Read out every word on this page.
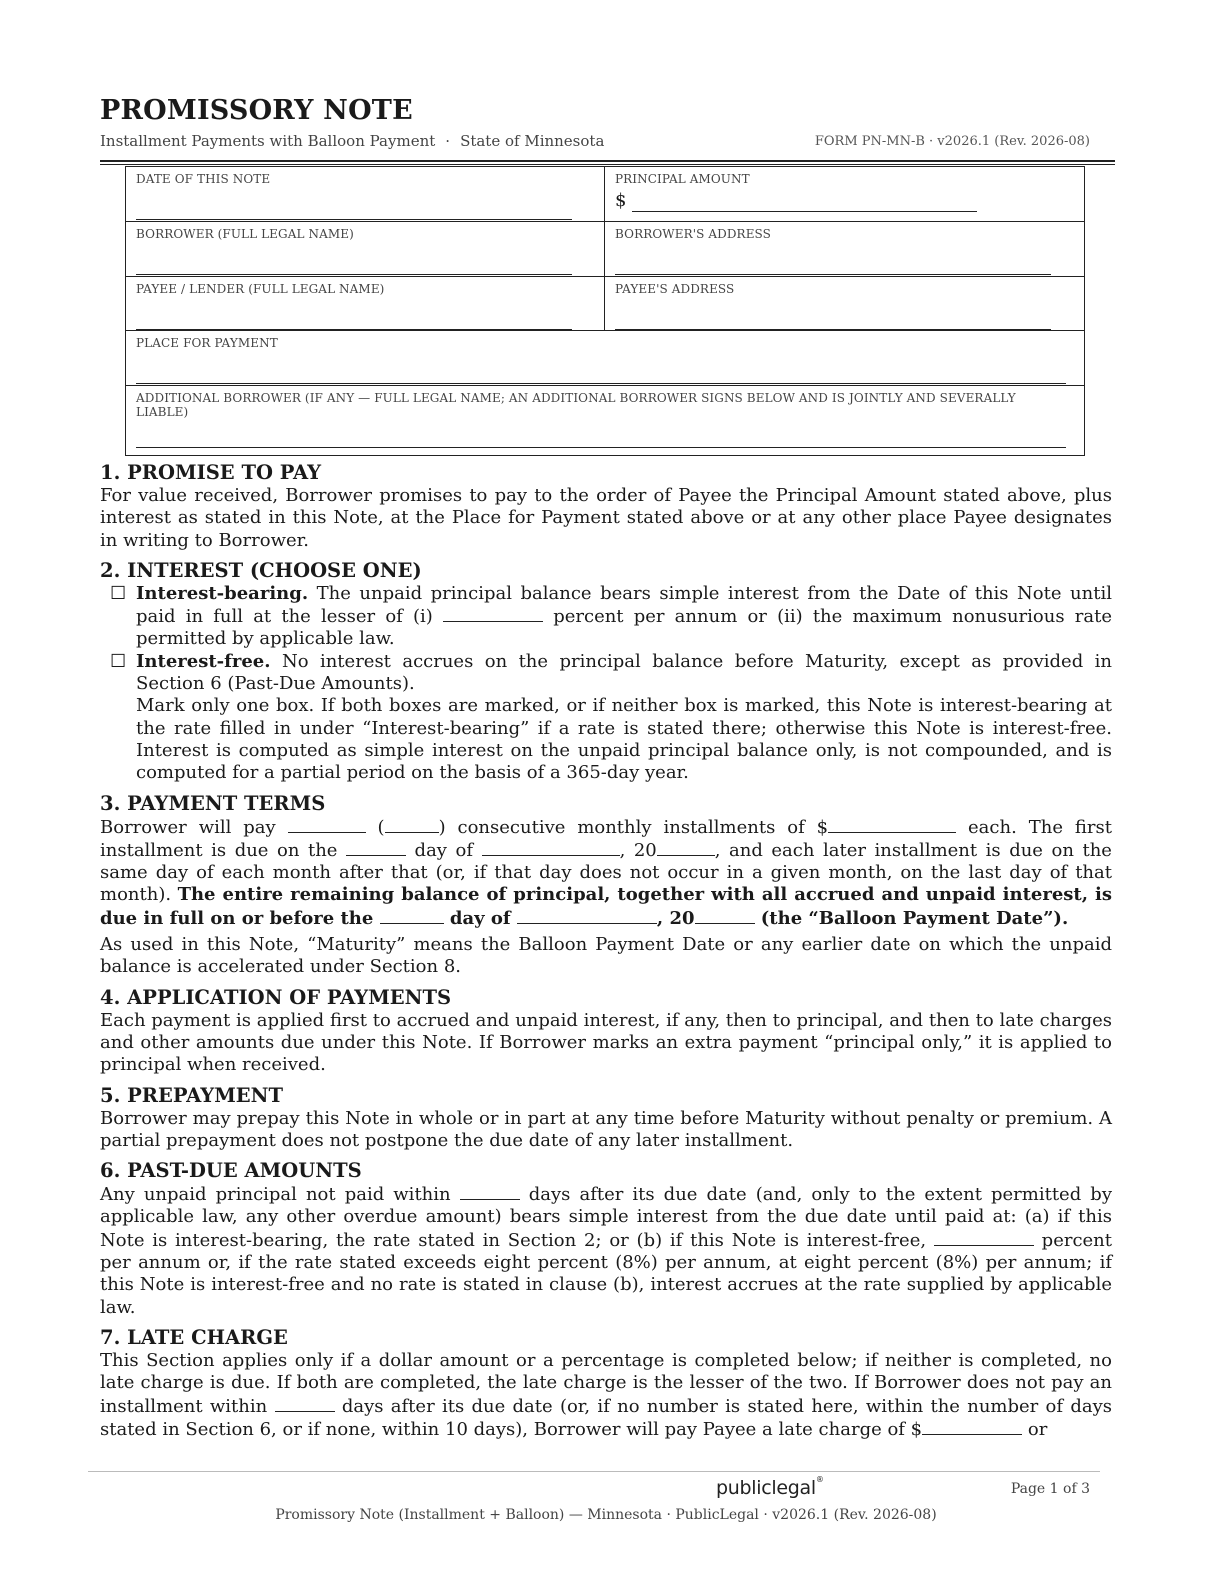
PROMISSORY NOTE
Installment Payments with Balloon Payment · State of Minnesota	FORM PN-MN-B · v2026.1 (Rev. 2026-08)
DATE OF THIS NOTE	PRINCIPAL AMOUNT
$

BORROWER (FULL LEGAL NAME)	BORROWER'S ADDRESS

PAYEE / LENDER (FULL LEGAL NAME)	PAYEE'S ADDRESS

PLACE FOR PAYMENT	

ADDITIONAL BORROWER (IF ANY — FULL LEGAL NAME; AN ADDITIONAL BORROWER SIGNS BELOW AND IS JOINTLY AND SEVERALLY LIABLE)	
1. PROMISE TO PAY

For value received, Borrower promises to pay to the order of Payee the Principal Amount stated above, plus interest as stated in this Note, at the Place for Payment stated above or at any other place Payee designates in writing to Borrower.

2. INTEREST (CHOOSE ONE)

☐ Interest-bearing. The unpaid principal balance bears simple interest from the Date of this Note until paid in full at the lesser of (i)	percent per annum or (ii) the maximum nonusurious rate permitted by applicable law.

☐ Interest-free. No interest accrues on the principal balance before Maturity, except as provided in Section 6 (Past-Due Amounts).

Mark only one box. If both boxes are marked, or if neither box is marked, this Note is interest-bearing at the rate filled in under “Interest-bearing” if a rate is stated there; otherwise this Note is interest-free. Interest is computed as simple interest on the unpaid principal balance only, is not compounded, and is computed for a partial period on the basis of a 365-day year.

3. PAYMENT TERMS

Borrower will pay	(	) consecutive monthly installments of $	each. The first installment is due on the	day of	, 20	, and each later installment is due on the same day of each month after that (or, if that day does not occur in a given month, on the last day of that month). The entire remaining balance of principal, together with all accrued and unpaid interest, is due in full on or before the	day of	, 20	(the “Balloon Payment Date”).

As used in this Note, “Maturity” means the Balloon Payment Date or any earlier date on which the unpaid balance is accelerated under Section 8.

4. APPLICATION OF PAYMENTS

Each payment is applied first to accrued and unpaid interest, if any, then to principal, and then to late charges and other amounts due under this Note. If Borrower marks an extra payment “principal only,” it is applied to principal when received.

5. PREPAYMENT

Borrower may prepay this Note in whole or in part at any time before Maturity without penalty or premium. A partial prepayment does not postpone the due date of any later installment.

6. PAST-DUE AMOUNTS

Any unpaid principal not paid within	days after its due date (and, only to the extent permitted by applicable law, any other overdue amount) bears simple interest from the due date until paid at: (a) if this Note is interest-bearing, the rate stated in Section 2; or (b) if this Note is interest-free,	percent per annum or, if the rate stated exceeds eight percent (8%) per annum, at eight percent (8%) per annum; if this Note is interest-free and no rate is stated in clause (b), interest accrues at the rate supplied by applicable law.

7. LATE CHARGE

This Section applies only if a dollar amount or a percentage is completed below; if neither is completed, no late charge is due. If both are completed, the late charge is the lesser of the two. If Borrower does not pay an installment within	days after its due date (or, if no number is stated here, within the number of days stated in Section 6, or if none, within 10 days), Borrower will pay Payee a late charge of $	or

publiclegal®
Page 1 of 3
Promissory Note (Installment + Balloon) — Minnesota · PublicLegal · v2026.1 (Rev. 2026-08)
